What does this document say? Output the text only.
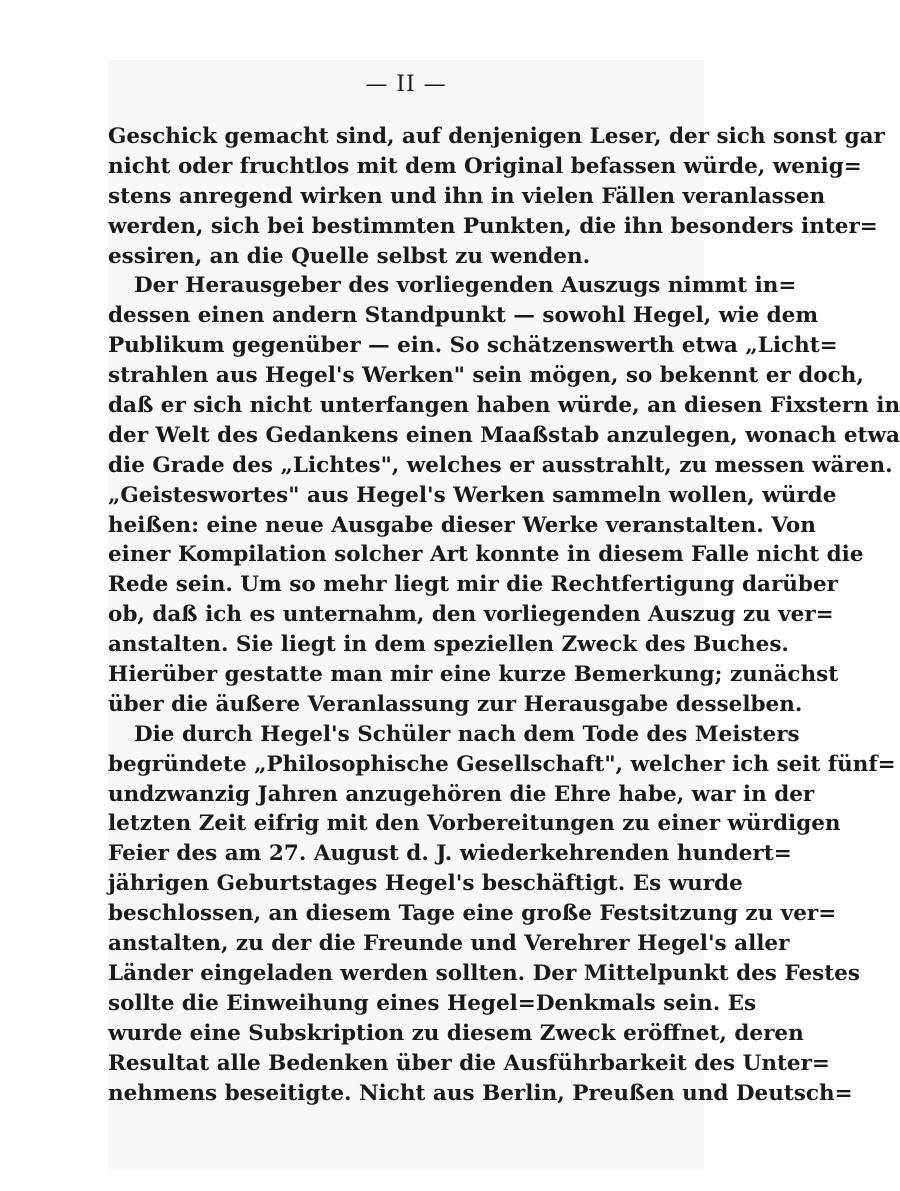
— II —
Geschick gemacht sind, auf denjenigen Leser, der sich sonst gar
nicht oder fruchtlos mit dem Original befassen würde, wenig=
stens anregend wirken und ihn in vielen Fällen veranlassen
werden, sich bei bestimmten Punkten, die ihn besonders inter=
essiren, an die Quelle selbst zu wenden.
Der Herausgeber des vorliegenden Auszugs nimmt in=
dessen einen andern Standpunkt — sowohl Hegel, wie dem
Publikum gegenüber — ein. So schätzenswerth etwa „Licht=
strahlen aus Hegel's Werken" sein mögen, so bekennt er doch,
daß er sich nicht unterfangen haben würde, an diesen Fixstern in
der Welt des Gedankens einen Maaßstab anzulegen, wonach etwa
die Grade des „Lichtes", welches er ausstrahlt, zu messen wären.
„Geisteswortes" aus Hegel's Werken sammeln wollen, würde
heißen: eine neue Ausgabe dieser Werke veranstalten. Von
einer Kompilation solcher Art konnte in diesem Falle nicht die
Rede sein. Um so mehr liegt mir die Rechtfertigung darüber
ob, daß ich es unternahm, den vorliegenden Auszug zu ver=
anstalten. Sie liegt in dem speziellen Zweck des Buches.
Hierüber gestatte man mir eine kurze Bemerkung; zunächst
über die äußere Veranlassung zur Herausgabe desselben.
Die durch Hegel's Schüler nach dem Tode des Meisters
begründete „Philosophische Gesellschaft", welcher ich seit fünf=
undzwanzig Jahren anzugehören die Ehre habe, war in der
letzten Zeit eifrig mit den Vorbereitungen zu einer würdigen
Feier des am 27. August d. J. wiederkehrenden hundert=
jährigen Geburtstages Hegel's beschäftigt. Es wurde
beschlossen, an diesem Tage eine große Festsitzung zu ver=
anstalten, zu der die Freunde und Verehrer Hegel's aller
Länder eingeladen werden sollten. Der Mittelpunkt des Festes
sollte die Einweihung eines Hegel=Denkmals sein. Es
wurde eine Subskription zu diesem Zweck eröffnet, deren
Resultat alle Bedenken über die Ausführbarkeit des Unter=
nehmens beseitigte. Nicht aus Berlin, Preußen und Deutsch=
